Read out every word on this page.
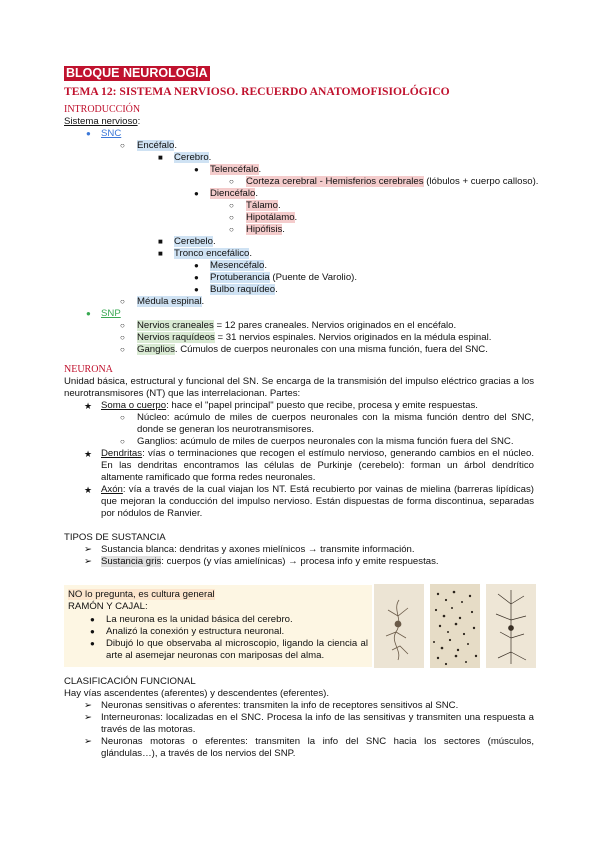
BLOQUE NEUROLOGÍA
TEMA 12: SISTEMA NERVIOSO. RECUERDO ANATOMOFISIOLÓGICO
INTRODUCCIÓN
Sistema nervioso:
● SNC
○ Encéfalo.
■ Cerebro.
● Telencéfalo.
○ Corteza cerebral - Hemisferios cerebrales (lóbulos + cuerpo calloso).
● Diencéfalo.
○ Tálamo.
○ Hipotálamo.
○ Hipófisis.
■ Cerebelo.
■ Tronco encefálico.
● Mesencéfalo.
● Protuberancia (Puente de Varolio).
● Bulbo raquídeo.
○ Médula espinal.
● SNP
○ Nervios craneales = 12 pares craneales. Nervios originados en el encéfalo.
○ Nervios raquídeos = 31 nervios espinales. Nervios originados en la médula espinal.
○ Ganglios. Cúmulos de cuerpos neuronales con una misma función, fuera del SNC.
NEURONA
Unidad básica, estructural y funcional del SN. Se encarga de la transmisión del impulso eléctrico gracias a los neurotransmisores (NT) que las interrelacionan. Partes:
★ Soma o cuerpo: hace el "papel principal" puesto que recibe, procesa y emite respuestas.
○ Núcleo: acúmulo de miles de cuerpos neuronales con la misma función dentro del SNC, donde se generan los neurotransmisores.
○ Ganglios: acúmulo de miles de cuerpos neuronales con la misma función fuera del SNC.
★ Dendritas: vías o terminaciones que recogen el estímulo nervioso, generando cambios en el núcleo. En las dendritas encontramos las células de Purkinje (cerebelo): forman un árbol dendrítico altamente ramificado que forma redes neuronales.
★ Axón: vía a través de la cual viajan los NT. Está recubierto por vainas de mielina (barreras lipídicas) que mejoran la conducción del impulso nervioso. Están dispuestas de forma discontinua, separadas por nódulos de Ranvier.
TIPOS DE SUSTANCIA
➢ Sustancia blanca: dendritas y axones mielínicos → transmite información.
➢ Sustancia gris: cuerpos (y vías amielínicas) → procesa info y emite respuestas.
NO lo pregunta, es cultura general
RAMÓN Y CAJAL:
● La neurona es la unidad básica del cerebro.
● Analizó la conexión y estructura neuronal.
● Dibujó lo que observaba al microscopio, ligando la ciencia al arte al asemejar neuronas con mariposas del alma.
CLASIFICACIÓN FUNCIONAL
Hay vías ascendentes (aferentes) y descendentes (eferentes).
➢ Neuronas sensitivas o aferentes: transmiten la info de receptores sensitivos al SNC.
➢ Interneuronas: localizadas en el SNC. Procesa la info de las sensitivas y transmiten una respuesta a través de las motoras.
➢ Neuronas motoras o eferentes: transmiten la info del SNC hacia los sectores (músculos, glándulas…), a través de los nervios del SNP.
